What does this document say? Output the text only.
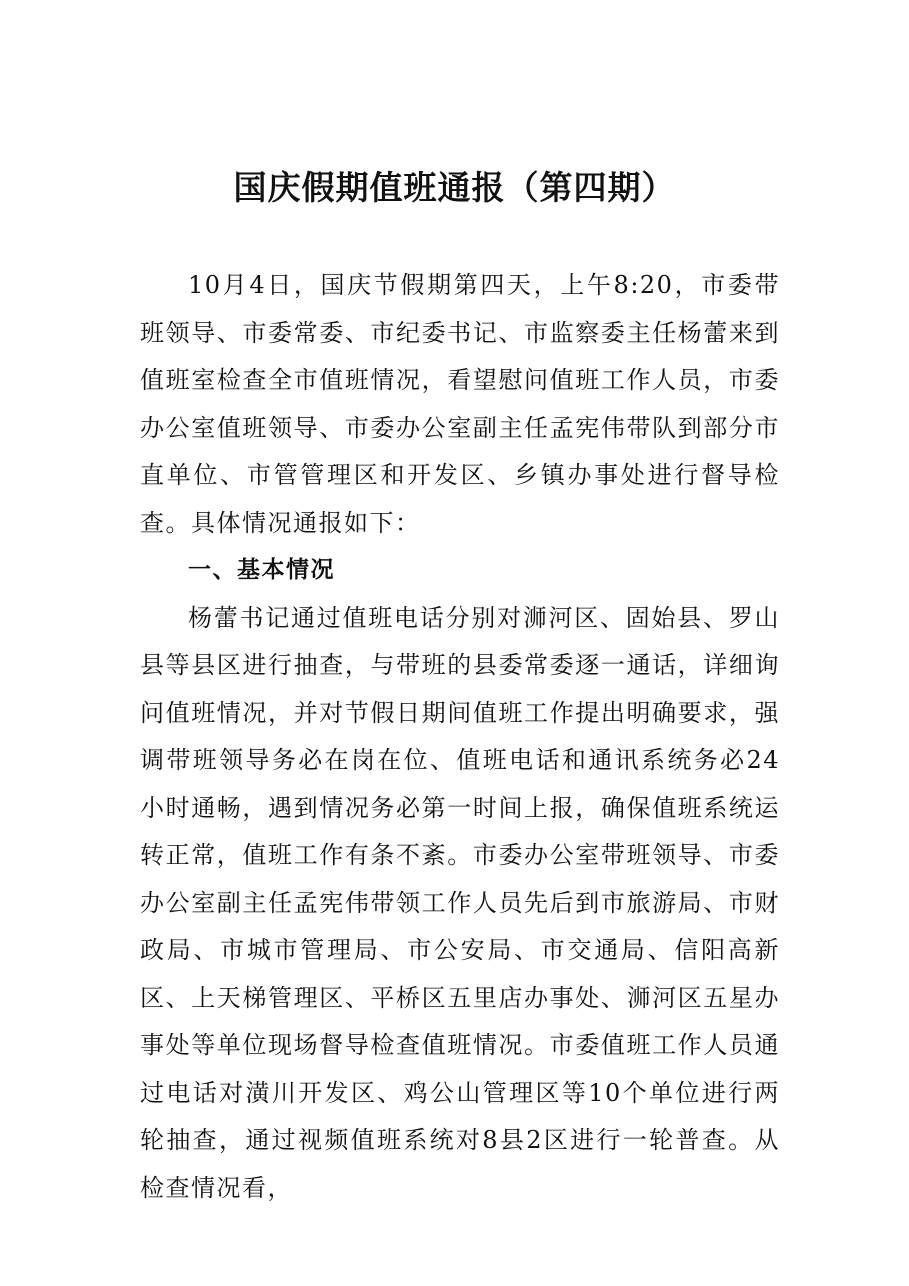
国庆假期值班通报（第四期）

10月4日，国庆节假期第四天，上午8:20，市委带班领导、市委常委、市纪委书记、市监察委主任杨蕾来到值班室检查全市值班情况，看望慰问值班工作人员，市委办公室值班领导、市委办公室副主任孟宪伟带队到部分市直单位、市管管理区和开发区、乡镇办事处进行督导检查。具体情况通报如下：

一、基本情况

杨蕾书记通过值班电话分别对浉河区、固始县、罗山县等县区进行抽查，与带班的县委常委逐一通话，详细询问值班情况，并对节假日期间值班工作提出明确要求，强调带班领导务必在岗在位、值班电话和通讯系统务必24小时通畅，遇到情况务必第一时间上报，确保值班系统运转正常，值班工作有条不紊。市委办公室带班领导、市委办公室副主任孟宪伟带领工作人员先后到市旅游局、市财政局、市城市管理局、市公安局、市交通局、信阳高新区、上天梯管理区、平桥区五里店办事处、浉河区五星办事处等单位现场督导检查值班情况。市委值班工作人员通过电话对潢川开发区、鸡公山管理区等10个单位进行两轮抽查，通过视频值班系统对8县2区进行一轮普查。从检查情况看，
